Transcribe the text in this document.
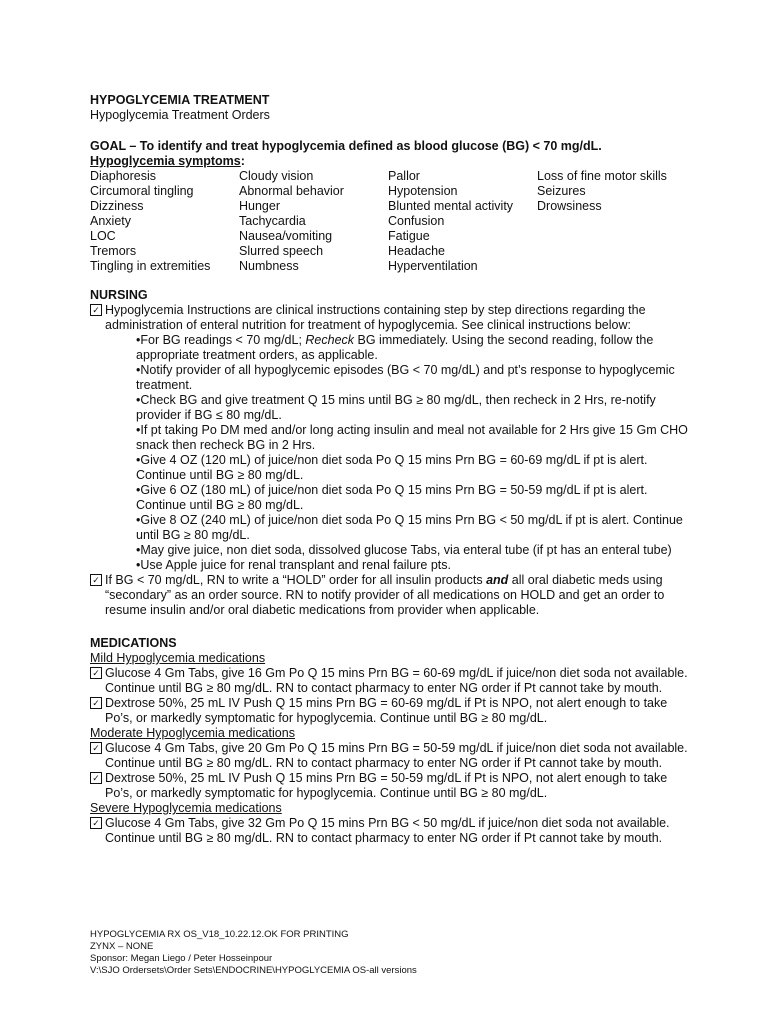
HYPOGLYCEMIA TREATMENT
Hypoglycemia Treatment Orders
GOAL – To identify and treat hypoglycemia defined as blood glucose (BG) < 70 mg/dL.
Hypoglycemia symptoms:
Diaphoresis	Cloudy vision	Pallor	Loss of fine motor skills
Circumoral tingling	Abnormal behavior	Hypotension	Seizures
Dizziness	Hunger	Blunted mental activity	Drowsiness
Anxiety	Tachycardia	Confusion
LOC	Nausea/vomiting	Fatigue
Tremors	Slurred speech	Headache
Tingling in extremities	Numbness	Hyperventilation
NURSING
✓ Hypoglycemia Instructions are clinical instructions containing step by step directions regarding the administration of enteral nutrition for treatment of hypoglycemia. See clinical instructions below:
•For BG readings < 70 mg/dL; Recheck BG immediately. Using the second reading, follow the appropriate treatment orders, as applicable.
•Notify provider of all hypoglycemic episodes (BG < 70 mg/dL) and pt’s response to hypoglycemic treatment.
•Check BG and give treatment Q 15 mins until BG ≥ 80 mg/dL, then recheck in 2 Hrs, re-notify provider if BG ≤ 80 mg/dL.
•If pt taking Po DM med and/or long acting insulin and meal not available for 2 Hrs give 15 Gm CHO snack then recheck BG in 2 Hrs.
•Give 4 OZ (120 mL) of juice/non diet soda Po Q 15 mins Prn BG = 60-69 mg/dL if pt is alert. Continue until BG ≥ 80 mg/dL.
•Give 6 OZ (180 mL) of juice/non diet soda Po Q 15 mins Prn BG = 50-59 mg/dL if pt is alert. Continue until BG ≥ 80 mg/dL.
•Give 8 OZ (240 mL) of juice/non diet soda Po Q 15 mins Prn BG < 50 mg/dL if pt is alert. Continue until BG ≥ 80 mg/dL.
•May give juice, non diet soda, dissolved glucose Tabs, via enteral tube (if pt has an enteral tube)
•Use Apple juice for renal transplant and renal failure pts.
✓ If BG < 70 mg/dL, RN to write a “HOLD” order for all insulin products and all oral diabetic meds using “secondary” as an order source. RN to notify provider of all medications on HOLD and get an order to resume insulin and/or oral diabetic medications from provider when applicable.
MEDICATIONS
Mild Hypoglycemia medications
✓ Glucose 4 Gm Tabs, give 16 Gm Po Q 15 mins Prn BG = 60-69 mg/dL if juice/non diet soda not available. Continue until BG ≥ 80 mg/dL. RN to contact pharmacy to enter NG order if Pt cannot take by mouth.
✓ Dextrose 50%, 25 mL IV Push Q 15 mins Prn BG = 60-69 mg/dL if Pt is NPO, not alert enough to take Po’s, or markedly symptomatic for hypoglycemia. Continue until BG ≥ 80 mg/dL.
Moderate Hypoglycemia medications
✓ Glucose 4 Gm Tabs, give 20 Gm Po Q 15 mins Prn BG = 50-59 mg/dL if juice/non diet soda not available. Continue until BG ≥ 80 mg/dL. RN to contact pharmacy to enter NG order if Pt cannot take by mouth.
✓ Dextrose 50%, 25 mL IV Push Q 15 mins Prn BG = 50-59 mg/dL if Pt is NPO, not alert enough to take Po’s, or markedly symptomatic for hypoglycemia. Continue until BG ≥ 80 mg/dL.
Severe Hypoglycemia medications
✓ Glucose 4 Gm Tabs, give 32 Gm Po Q 15 mins Prn BG < 50 mg/dL if juice/non diet soda not available. Continue until BG ≥ 80 mg/dL. RN to contact pharmacy to enter NG order if Pt cannot take by mouth.
HYPOGLYCEMIA RX OS_V18_10.22.12.OK FOR PRINTING
ZYNX – NONE
Sponsor: Megan Liego / Peter Hosseinpour
V:\SJO Ordersets\Order Sets\ENDOCRINE\HYPOGLYCEMIA OS-all versions
